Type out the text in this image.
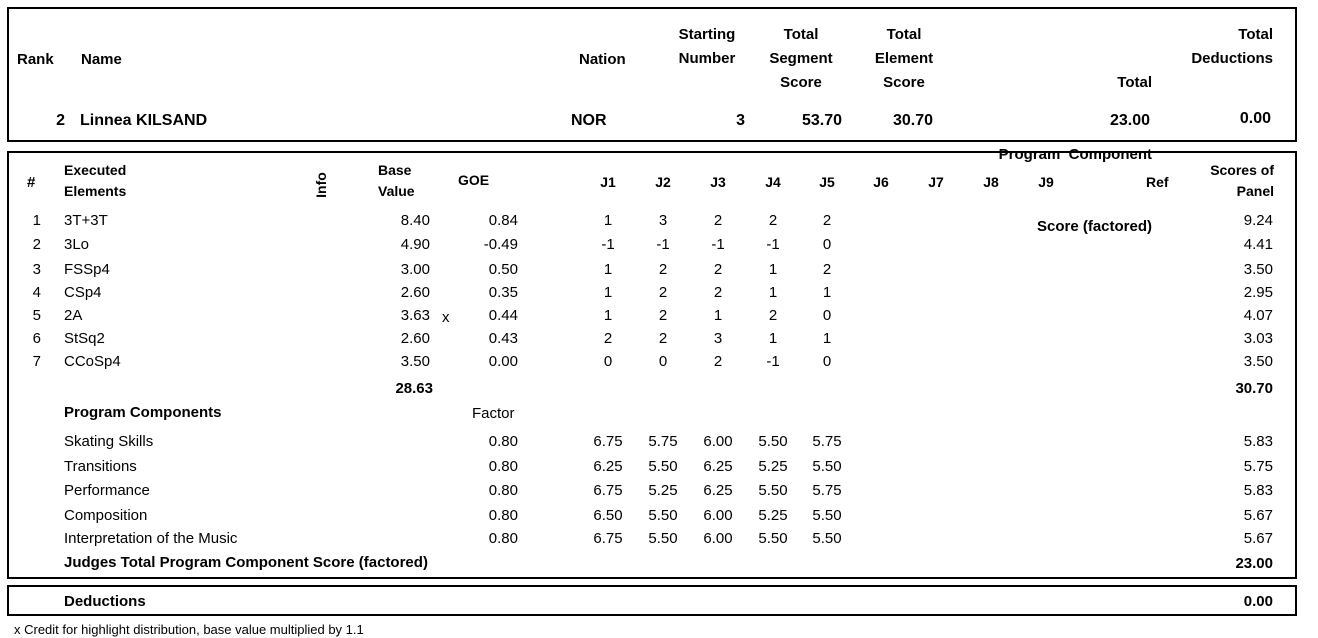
Rank Name	Nation
Starting
Number
Total
Segment
Score
Total
Element
Score

	Total

Program  Component

Score (factored)

Total
Deductions
2 Linnea KILSAND	NOR	3	53.70	30.70	23.00	0.00
#
Executed
Elements	Info
Base
Value
GOE	J1	J2	J3	J4	J5	J6	J7	J8	J9	Ref
Scores of
Panel
1 3T+3T	8.40	0.84	1	3	2	2	2	9.24
2 3Lo	4.90	-0.49	-1	-1	-1	-1	0	4.41
3 FSSp4	3.00	0.50	1	2	2	1	2	3.50
4 CSp4	2.60	0.35	1	2	2	1	1	2.95
5 2A	3.63 x	0.44	1	2	1	2	0	4.07
6 StSq2	2.60	0.43	2	2	3	1	1	3.03
7 CCoSp4	3.50	0.00	0	0	2	-1	0	3.50
28.63	30.70
Program Components	Factor
Skating Skills	0.80	6.75	5.75	6.00	5.50	5.75	5.83
Transitions	0.80	6.25	5.50	6.25	5.25	5.50	5.75
Performance	0.80	6.75	5.25	6.25	5.50	5.75	5.83
Composition	0.80	6.50	5.50	6.00	5.25	5.50	5.67
Interpretation of the Music	0.80	6.75	5.50	6.00	5.50	5.50	5.67
Judges Total Program Component Score (factored)	23.00
Deductions	0.00
x Credit for highlight distribution, base value multiplied by 1.1
